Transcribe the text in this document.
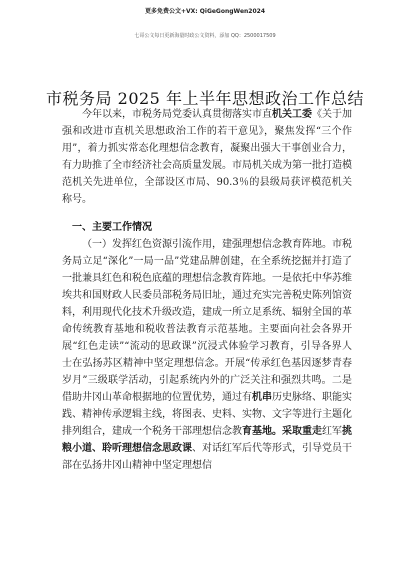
更多免费公文+VX: QiGeGongWen2024
七哥公文每日更新海量时政公文资料，添加 QQ：2500017509
市税务局 2025 年上半年思想政治工作总结
今年以来，市税务局党委认真贯彻落实市直机关工委《关于加强和改进市直机关思想政治工作的若干意见》，聚焦发挥“三个作用”，着力抓实常态化理想信念教育，凝聚出强大干事创业合力，有力助推了全市经济社会高质量发展。市局机关成为第一批打造模范机关先进单位，全部设区市局、90.3％的县级局获评模范机关称号。
一、主要工作情况
（一）发挥红色资源引流作用，建强理想信念教育阵地。市税务局立足“深化”一局一品”党建品牌创建，在全系统挖掘并打造了一批兼具红色和税色底蕴的理想信念教育阵地。一是依托中华苏维埃共和国财政人民委员部税务局旧址，通过充实完善税史陈列馆资料，利用现代化技术升级改造，建成一所立足系统、辐射全国的革命传统教育基地和税收普法教育示范基地。主要面向社会各界开展“红色走读”“流动的思政课”沉浸式体验学习教育，引导各界人士在弘扬苏区精神中坚定理想信念。开展“传承红色基因逐梦青春岁月”三级联学活动，引起系统内外的广泛关注和强烈共鸣。二是借助井冈山革命根据地的位置优势，通过有机串历史脉络、职能实践、精神传承逻辑主线，将图表、史料、实物、文字等进行主题化排列组合，建成一个税务干部理想信念教育基地。采取重走红军挑粮小道、聆听理想信念思政课、对话红军后代等形式，引导党员干部在弘扬井冈山精神中坚定理想信
